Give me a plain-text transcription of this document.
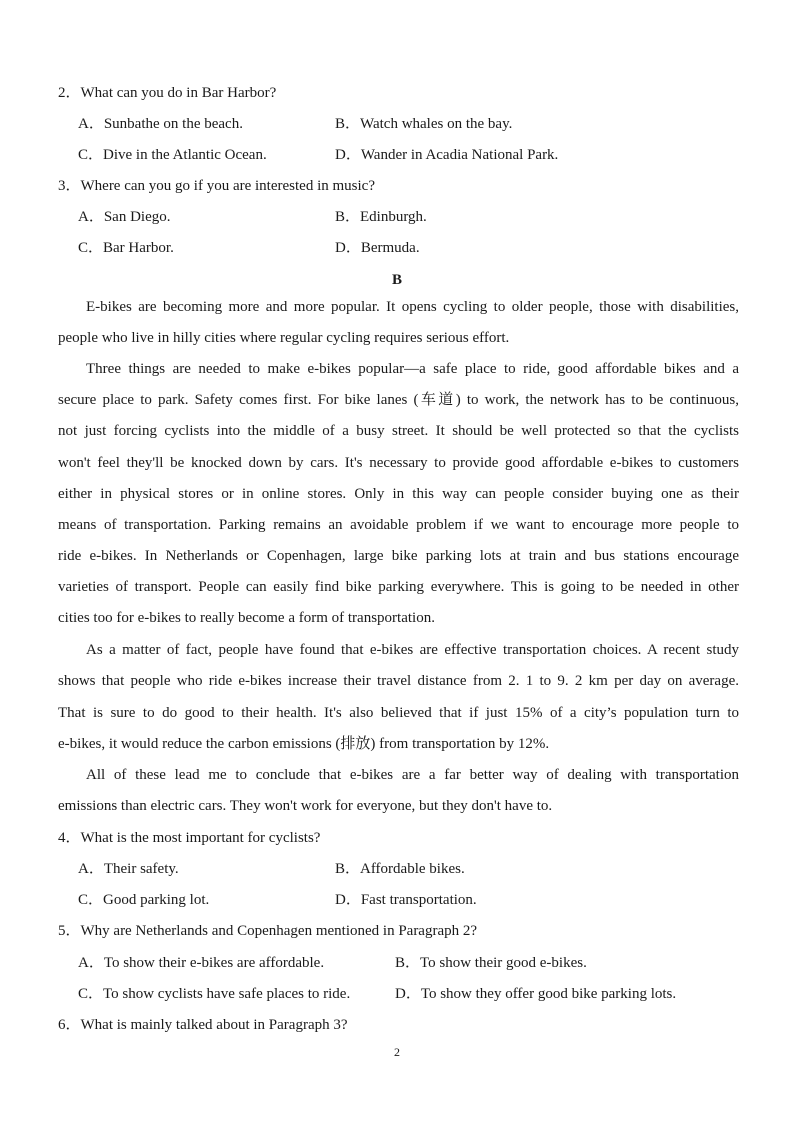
2．What can you do in Bar Harbor?
A．Sunbathe on the beach.	B．Watch whales on the bay.
C．Dive in the Atlantic Ocean.	D．Wander in Acadia National Park.
3．Where can you go if you are interested in music?
A．San Diego.	B．Edinburgh.
C．Bar Harbor.	D．Bermuda.
B
E-bikes are becoming more and more popular. It opens cycling to older people, those with disabilities,
people who live in hilly cities where regular cycling requires serious effort.
Three things are needed to make e-bikes popular—a safe place to ride, good affordable bikes and a
secure place to park. Safety comes first. For bike lanes (车道) to work, the network has to be continuous,
not just forcing cyclists into the middle of a busy street. It should be well protected so that the cyclists
won't feel they'll be knocked down by cars. It's necessary to provide good affordable e-bikes to customers
either in physical stores or in online stores. Only in this way can people consider buying one as their
means of transportation. Parking remains an avoidable problem if we want to encourage more people to
ride e-bikes. In Netherlands or Copenhagen, large bike parking lots at train and bus stations encourage
varieties of transport. People can easily find bike parking everywhere. This is going to be needed in other
cities too for e-bikes to really become a form of transportation.
As a matter of fact, people have found that e-bikes are effective transportation choices. A recent study
shows that people who ride e-bikes increase their travel distance from 2. 1 to 9. 2 km per day on average.
That is sure to do good to their health. It's also believed that if just 15% of a city’s population turn to
e-bikes, it would reduce the carbon emissions (排放) from transportation by 12%.
All of these lead me to conclude that e-bikes are a far better way of dealing with transportation
emissions than electric cars. They won't work for everyone, but they don't have to.
4．What is the most important for cyclists?
A．Their safety.	B．Affordable bikes.
C．Good parking lot.	D．Fast transportation.
5．Why are Netherlands and Copenhagen mentioned in Paragraph 2?
A．To show their e-bikes are affordable.	B．To show their good e-bikes.
C．To show cyclists have safe places to ride.	D．To show they offer good bike parking lots.
6．What is mainly talked about in Paragraph 3?
2
